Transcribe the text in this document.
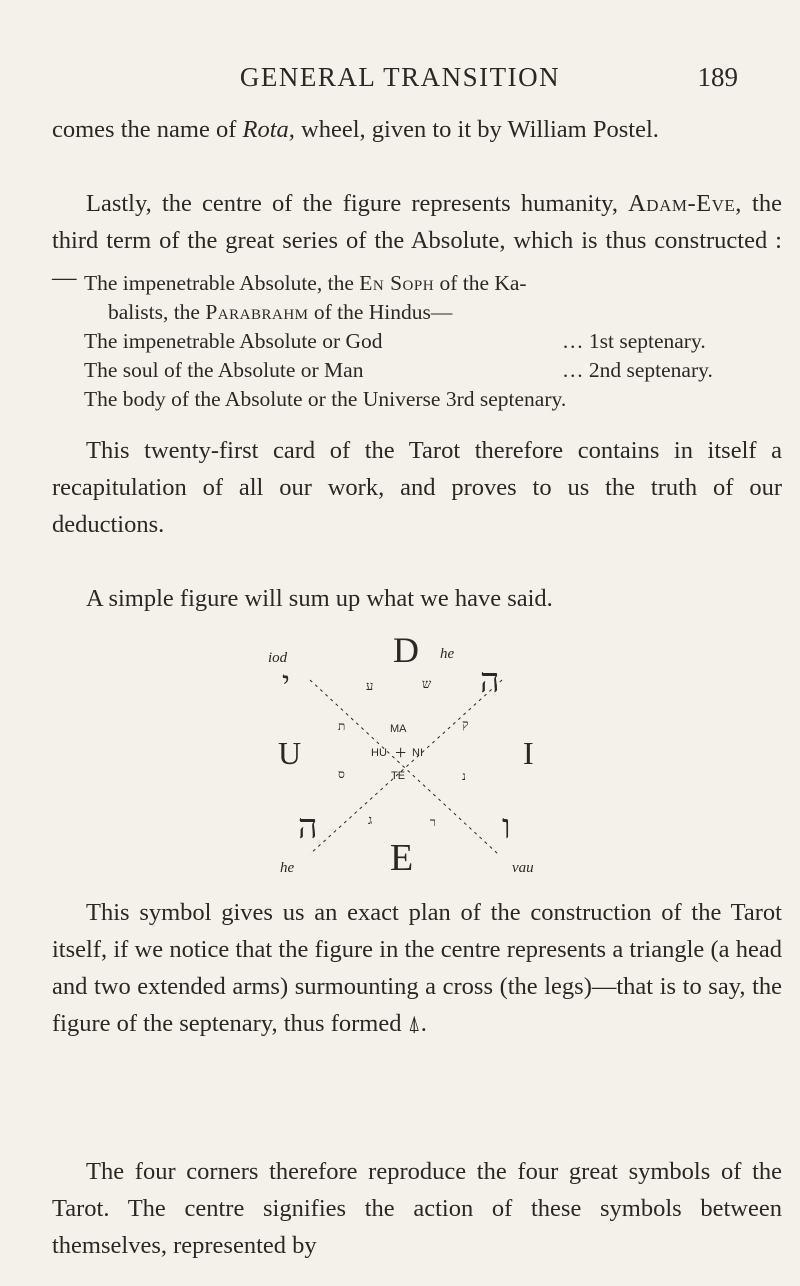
GENERAL TRANSITION	189

comes the name of Rota, wheel, given to it by William Postel.

Lastly, the centre of the figure represents humanity, Adam-Eve, the third term of the great series of the Absolute, which is thus constructed :— The impenetrable Absolute, the En Soph of the Ka-
balists, the Parabrahm of the Hindus—
The impenetrable Absolute or God	… 1st septenary.
The soul of the Absolute or Man	… 2nd septenary.
The body of the Absolute or the Universe 3rd septenary.

This twenty-first card of the Tarot therefore contains in itself a recapitulation of all our work, and proves to us the truth of our deductions.

A simple figure will sum up what we have said.

iod	he
he	vau
י	ה
ה	ו
D
U	I
E
ע	ש
ת	ק
ס	נ
ג	ר
MA
HU + NI
TE

This symbol gives us an exact plan of the construction of the Tarot itself, if we notice that the figure in the centre represents a triangle (a head and two extended arms) surmounting a cross (the legs)—that is to say, the figure of the septenary, thus formed ⍋.

The four corners therefore reproduce the four great symbols of the Tarot. The centre signifies the action of these symbols between themselves, represented by
